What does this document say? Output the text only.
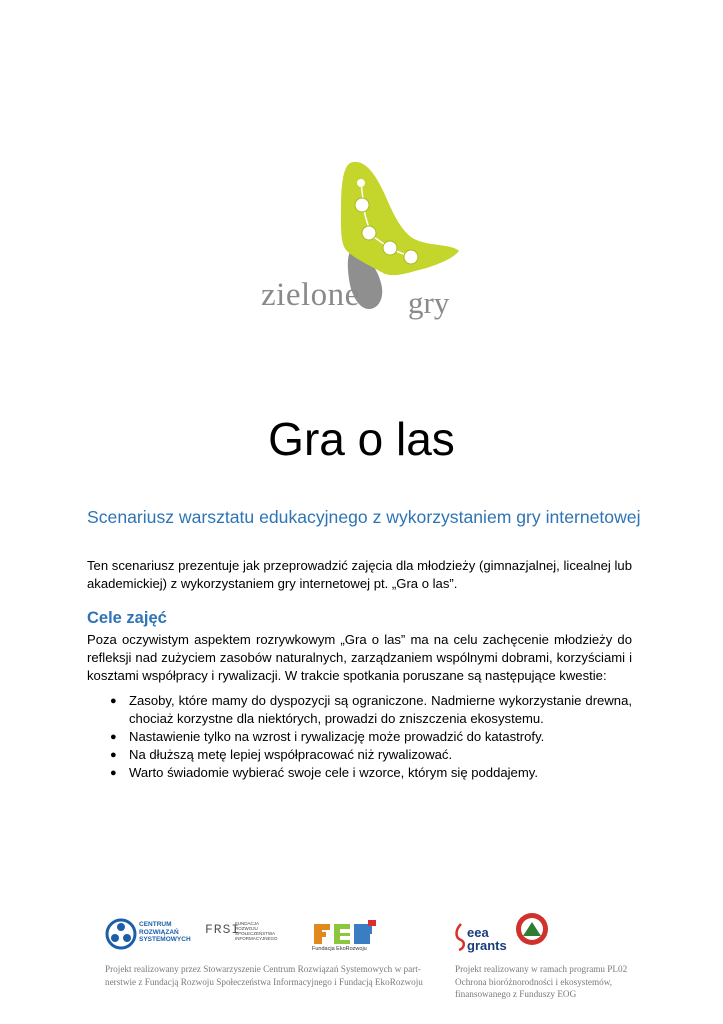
zielone gry
Gra o las
Scenariusz warsztatu edukacyjnego z wykorzystaniem gry internetowej

Ten scenariusz prezentuje jak przeprowadzić zajęcia dla młodzieży (gimnazjalnej, licealnej lub akademickiej) z wykorzystaniem gry internetowej pt. „Gra o las”.

Cele zajęć

Poza oczywistym aspektem rozrywkowym „Gra o las” ma na celu zachęcenie młodzieży do refleksji nad zużyciem zasobów naturalnych, zarządzaniem wspólnymi dobrami, korzyściami i kosztami współpracy i rywalizacji. W trakcie spotkania poruszane są następujące kwestie:

● Zasoby, które mamy do dyspozycji są ograniczone. Nadmierne wykorzystanie drewna, chociaż korzystne dla niektórych, prowadzi do zniszczenia ekosystemu.
● Nastawienie tylko na wzrost i rywalizację może prowadzić do katastrofy.
● Na dłuższą metę lepiej współpracować niż rywalizować.
● Warto świadomie wybierać swoje cele i wzorce, którym się poddajemy.
CENTRUM
ROZWIĄZAŃ
SYSTEMOWYCH
FRSI
FUNDACJA
ROZWOJU
SPOŁECZEŃSTWA
INFORMACYJNEGO
Fundacja EkoRozwoju
eea
grants
Projekt realizowany przez Stowarzyszenie Centrum Rozwiązań Systemowych w part-
nerstwie z Fundacją Rozwoju Społeczeństwa Informacyjnego i Fundacją EkoRozwoju
Projekt realizowany w ramach programu PL02
Ochrona bioróżnorodności i ekosystemów,
finansowanego z Funduszy EOG
